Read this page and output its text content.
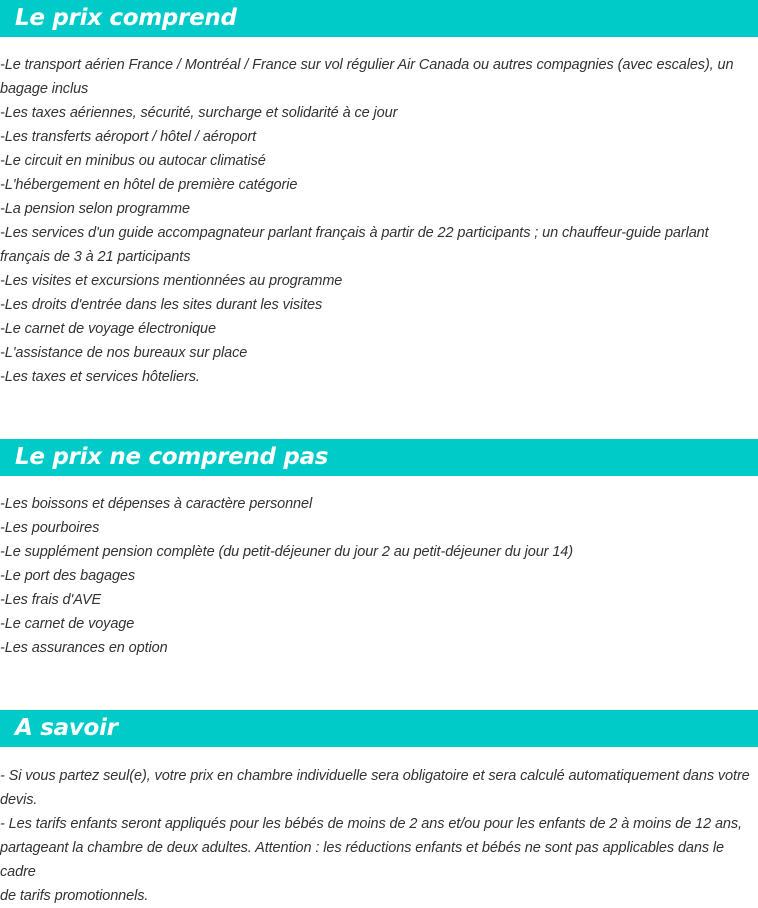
Le prix comprend
-Le transport aérien France / Montréal / France sur vol régulier Air Canada ou autres compagnies (avec escales), un
bagage inclus
-Les taxes aériennes, sécurité, surcharge et solidarité à ce jour
-Les transferts aéroport / hôtel / aéroport
-Le circuit en minibus ou autocar climatisé
-L'hébergement en hôtel de première catégorie
-La pension selon programme
-Les services d'un guide accompagnateur parlant français à partir de 22 participants ; un chauffeur-guide parlant
français de 3 à 21 participants
-Les visites et excursions mentionnées au programme
-Les droits d'entrée dans les sites durant les visites
-Le carnet de voyage électronique
-L'assistance de nos bureaux sur place
-Les taxes et services hôteliers.
Le prix ne comprend pas
-Les boissons et dépenses à caractère personnel
-Les pourboires
-Le supplément pension complète (du petit-déjeuner du jour 2 au petit-déjeuner du jour 14)
-Le port des bagages
-Les frais d'AVE
-Le carnet de voyage
-Les assurances en option
A savoir
- Si vous partez seul(e), votre prix en chambre individuelle sera obligatoire et sera calculé automatiquement dans votre
devis.
- Les tarifs enfants seront appliqués pour les bébés de moins de 2 ans et/ou pour les enfants de 2 à moins de 12 ans,
partageant la chambre de deux adultes. Attention : les réductions enfants et bébés ne sont pas applicables dans le cadre
de tarifs promotionnels.
